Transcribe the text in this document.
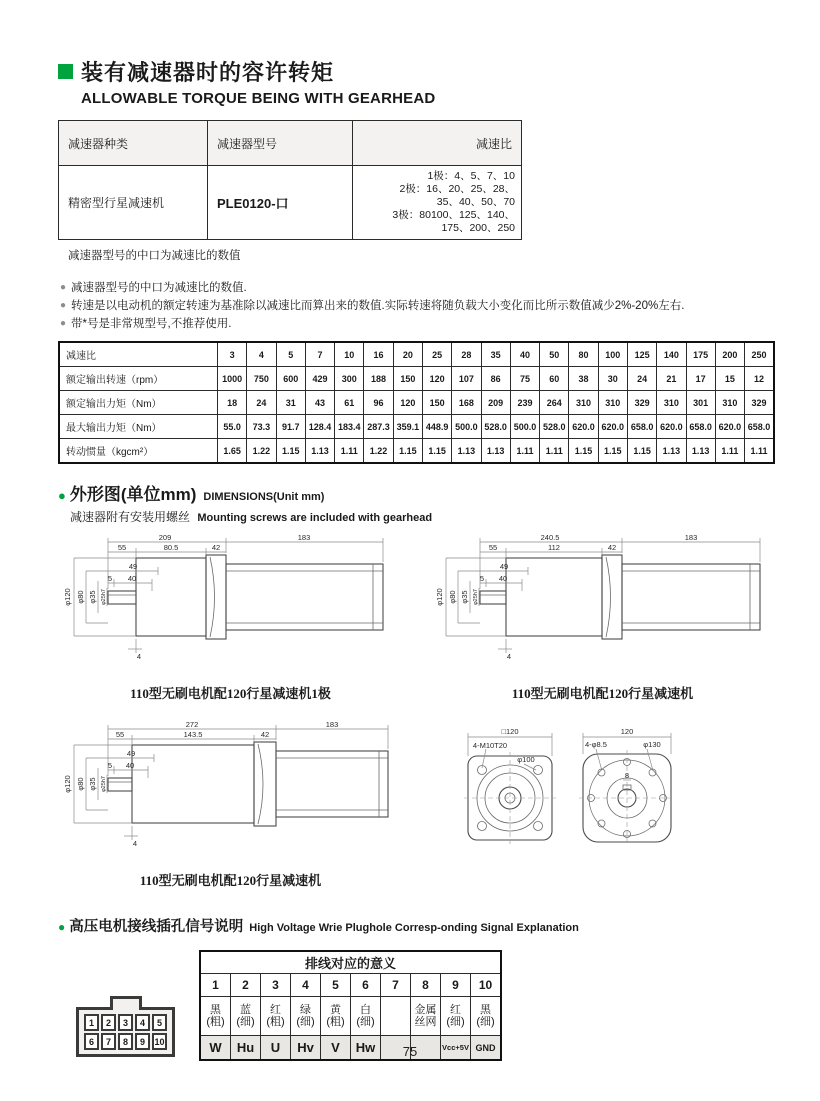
装有减速器时的容许转矩
ALLOWABLE TORQUE BEING WITH GEARHEAD
减速器种类	减速器型号	减速比
精密型行星减速机	PLE0120-口	1极：4、5、7、10
2极：16、20、25、28、
35、40、50、70
3极：80100、125、140、
175、200、250
减速器型号的中口为减速比的数值
● 减速器型号的中口为减速比的数值.
● 转速是以电动机的额定转速为基准除以减速比而算出来的数值.实际转速将随负载大小变化而比所示数值减少2%-20%左右.
● 带*号是非常规型号,不推荐使用.
减速比	3	4	5	7	10	16	20	25	28	35	40	50	80	100	125	140	175	200	250
额定输出转速（rpm）	1000	750	600	429	300	188	150	120	107	86	75	60	38	30	24	21	17	15	12
额定输出力矩（Nm）	18	24	31	43	61	96	120	150	168	209	239	264	310	310	329	310	301	310	329
最大输出力矩（Nm）	55.0	73.3	91.7	128.4	183.4	287.3	359.1	448.9	500.0	528.0	500.0	528.0	620.0	620.0	658.0	620.0	658.0	620.0	658.0
转动惯量（kgcm²）	1.65	1.22	1.15	1.13	1.11	1.22	1.15	1.15	1.13	1.13	1.11	1.11	1.15	1.15	1.15	1.13	1.13	1.11	1.11
● 外形图(单位mm) DIMENSIONS(Unit mm)
减速器附有安装用螺丝 Mounting screws are included with gearhead
209	183
55	80.5	42
49
5 40
φ120 φ80 φ35 φ25h7
4
110型无刷电机配120行星减速机1极
240.5	183
55	112	42
49
5 40
φ120 φ80 φ35 φ25h7
4
110型无刷电机配120行星减速机
272	183
55	143.5	42
49
5 40
φ120 φ80 φ35 φ25h7
4
110型无刷电机配120行星减速机
□120
4-M10T20
φ100
120
4-φ8.5	φ130
8
● 高压电机接线插孔信号说明 High Voltage Wrie Plughole Corresp-onding Signal Explanation
1	2	3	4	5
6	7	8	9	10
排线对应的意义									
1	2	3	4	5	6	7	8	9	10
黑(粗)	蓝(细)	红(粗)	绿(细)	黄(粗)	白(细)		金属丝网	红(细)	黑(细)
W	Hu	U	Hv	V	Hw			Vcc+5V	GND
75
